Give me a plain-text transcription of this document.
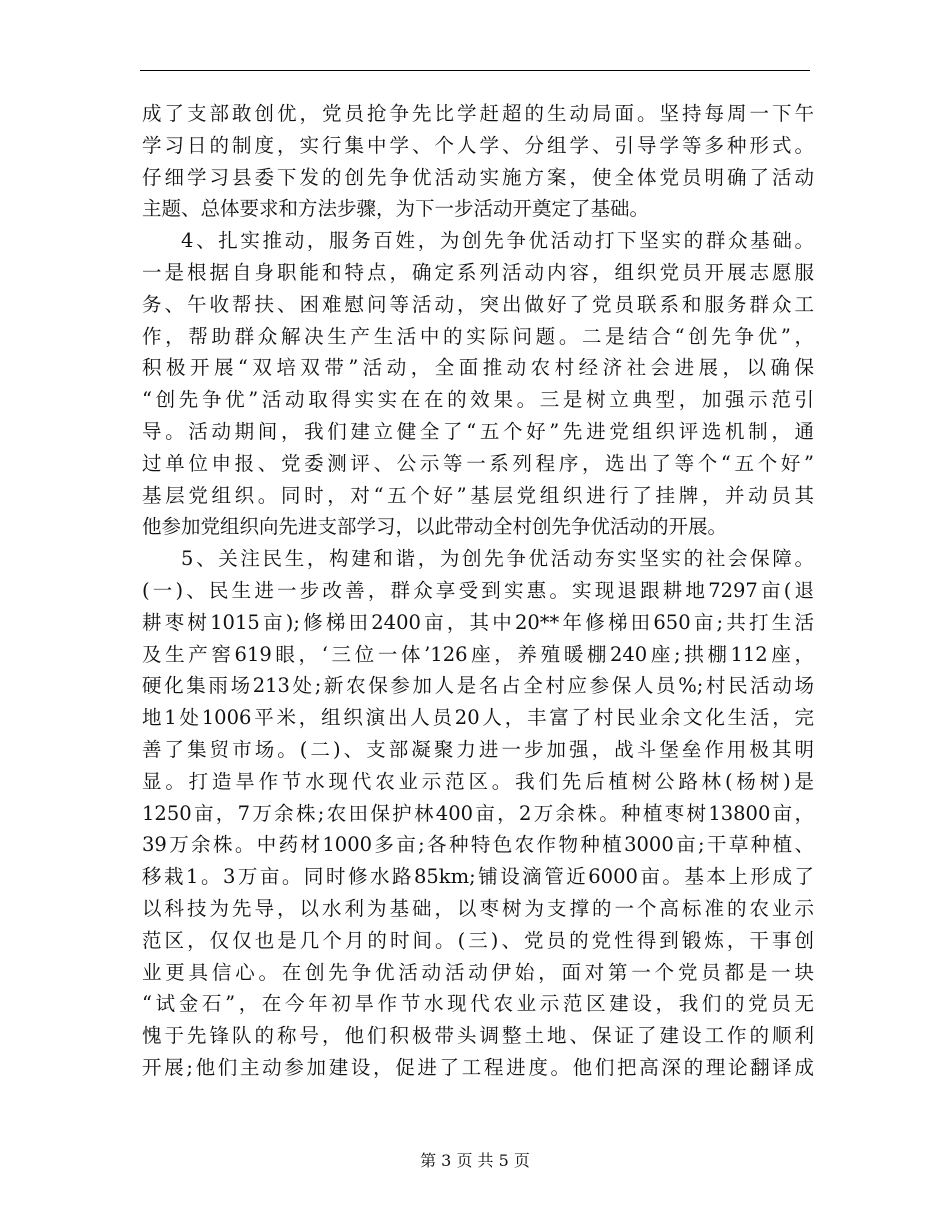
成了支部敢创优，党员抢争先比学赶超的生动局面。坚持每周一下午
学习日的制度，实行集中学、个人学、分组学、引导学等多种形式。
仔细学习县委下发的创先争优活动实施方案，使全体党员明确了活动
主题、总体要求和方法步骤，为下一步活动开奠定了基础。
4、扎实推动，服务百姓，为创先争优活动打下坚实的群众基础。
一是根据自身职能和特点，确定系列活动内容，组织党员开展志愿服
务、午收帮扶、困难慰问等活动，突出做好了党员联系和服务群众工
作，帮助群众解决生产生活中的实际问题。二是结合“创先争优”，
积极开展“双培双带”活动，全面推动农村经济社会进展，以确保
“创先争优”活动取得实实在在的效果。三是树立典型，加强示范引
导。活动期间，我们建立健全了“五个好”先进党组织评选机制，通
过单位申报、党委测评、公示等一系列程序，选出了等个“五个好”
基层党组织。同时，对“五个好”基层党组织进行了挂牌，并动员其
他参加党组织向先进支部学习，以此带动全村创先争优活动的开展。
5、关注民生，构建和谐，为创先争优活动夯实坚实的社会保障。
(一)、民生进一步改善，群众享受到实惠。实现退跟耕地7297亩(退
耕枣树1015亩);修梯田2400亩，其中20**年修梯田650亩;共打生活
及生产窖619眼，‘三位一体’126座，养殖暖棚240座;拱棚112座，
硬化集雨场213处;新农保参加人是名占全村应参保人员%;村民活动场
地1处1006平米，组织演出人员20人，丰富了村民业余文化生活，完
善了集贸市场。(二)、支部凝聚力进一步加强，战斗堡垒作用极其明
显。打造旱作节水现代农业示范区。我们先后植树公路林(杨树)是
1250亩，7万余株;农田保护林400亩，2万余株。种植枣树13800亩，
39万余株。中药材1000多亩;各种特色农作物种植3000亩;干草种植、
移栽1。3万亩。同时修水路85km;铺设滴管近6000亩。基本上形成了
以科技为先导，以水利为基础，以枣树为支撑的一个高标准的农业示
范区，仅仅也是几个月的时间。(三)、党员的党性得到锻炼，干事创
业更具信心。在创先争优活动活动伊始，面对第一个党员都是一块
“试金石”，在今年初旱作节水现代农业示范区建设，我们的党员无
愧于先锋队的称号，他们积极带头调整土地、保证了建设工作的顺利
开展;他们主动参加建设，促进了工程进度。他们把高深的理论翻译成
第 3 页 共 5 页
